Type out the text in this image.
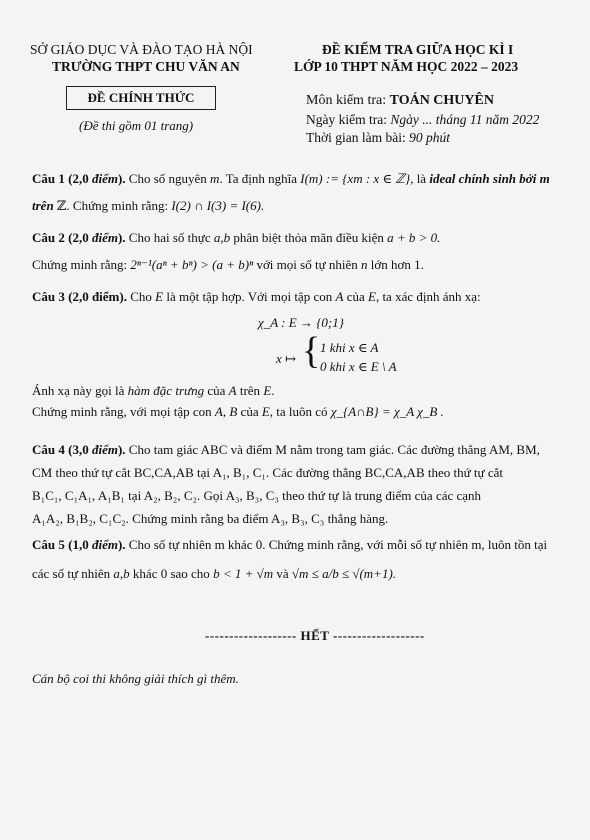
SỞ GIÁO DỤC VÀ ĐÀO TẠO HÀ NỘI
TRƯỜNG THPT CHU VĂN AN
ĐỀ CHÍNH THỨC
(Đề thi gồm 01 trang)
ĐỀ KIỂM TRA GIỮA HỌC KÌ I
LỚP 10 THPT NĂM HỌC 2022 – 2023
Môn kiểm tra: TOÁN CHUYÊN
Ngày kiểm tra: Ngày ... tháng 11 năm 2022
Thời gian làm bài: 90 phút
Câu 1 (2,0 điểm). Cho số nguyên m. Ta định nghĩa I(m) := {xm : x ∈ ℤ}, là ideal chính sinh bởi m
trên ℤ. Chứng minh rằng: I(2) ∩ I(3) = I(6).
Câu 2 (2,0 điểm). Cho hai số thực a,b phân biệt thỏa mãn điều kiện a + b > 0.
Chứng minh rằng: 2ⁿ⁻¹(aⁿ + bⁿ) > (a + b)ⁿ với mọi số tự nhiên n lớn hơn 1.
Câu 3 (2,0 điểm). Cho E là một tập hợp. Với mọi tập con A của E, ta xác định ánh xạ:
χ_A : E → {0;1}
x ↦ { 1 khi x ∈ A
0 khi x ∈ E \ A
Ánh xạ này gọi là hàm đặc trưng của A trên E.
Chứng minh rằng, với mọi tập con A, B của E, ta luôn có χ_{A∩B} = χ_A χ_B .
Câu 4 (3,0 điểm). Cho tam giác ABC và điểm M nằm trong tam giác. Các đường thẳng AM, BM,
CM theo thứ tự cắt BC,CA,AB tại A₁, B₁, C₁. Các đường thẳng BC,CA,AB theo thứ tự cắt
B₁C₁, C₁A₁, A₁B₁ tại A₂, B₂, C₂. Gọi A₃, B₃, C₃ theo thứ tự là trung điểm của các cạnh
A₁A₂, B₁B₂, C₁C₂. Chứng minh rằng ba điểm A₃, B₃, C₃ thẳng hàng.
Câu 5 (1,0 điểm). Cho số tự nhiên m khác 0. Chứng minh rằng, với mỗi số tự nhiên m, luôn tồn tại
các số tự nhiên a,b khác 0 sao cho b < 1 + √m và √m ≤ a/b ≤ √(m+1).
------------------- HẾT -------------------
Cán bộ coi thi không giải thích gì thêm.
